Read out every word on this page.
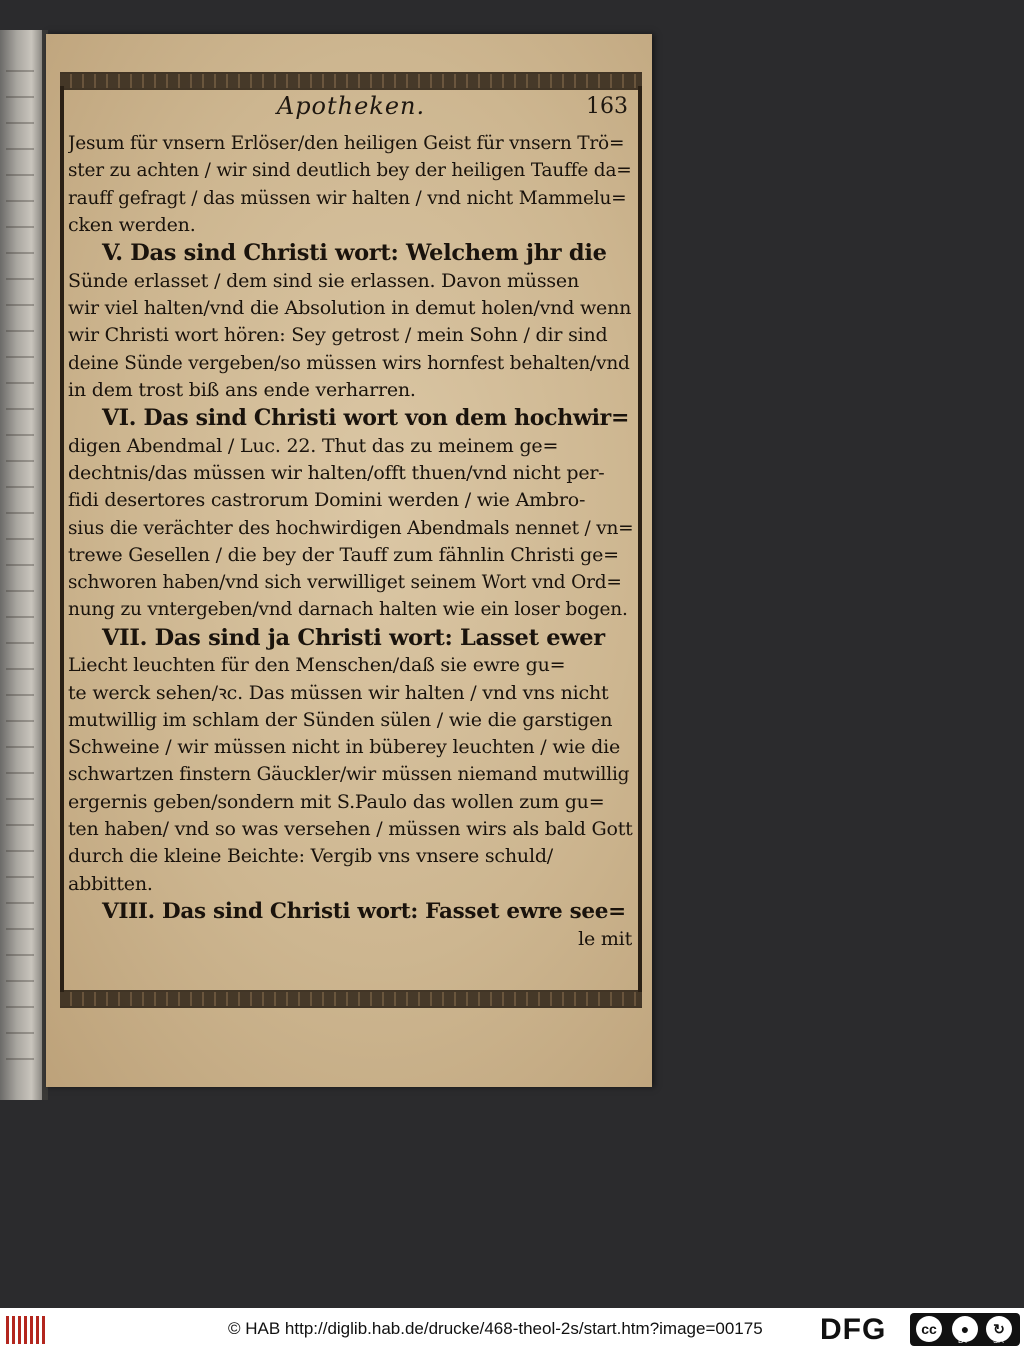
Apotheken.	163
Jesum für vnsern Erlöser/den heiligen Geist für vnsern Trö=
ster zu achten / wir sind deutlich bey der heiligen Tauffe da=
rauff gefragt / das müssen wir halten / vnd nicht Mammelu=
cken werden.
V. Das sind Christi wort: Welchem jhr die
Sünde erlasset / dem sind sie erlassen. Davon müssen
wir viel halten/vnd die Absolution in demut holen/vnd wenn
wir Christi wort hören: Sey getrost / mein Sohn / dir sind
deine Sünde vergeben/so müssen wirs hornfest behalten/vnd
in dem trost biß ans ende verharren.
VI. Das sind Christi wort von dem hochwir=
digen Abendmal / Luc. 22. Thut das zu meinem ge=
dechtnis/das müssen wir halten/offt thuen/vnd nicht per-
fidi desertores castrorum Domini werden / wie Ambro-
sius die verächter des hochwirdigen Abendmals nennet / vn=
trewe Gesellen / die bey der Tauff zum fähnlin Christi ge=
schworen haben/vnd sich verwilliget seinem Wort vnd Ord=
nung zu vntergeben/vnd darnach halten wie ein loser bogen.
VII. Das sind ja Christi wort: Lasset ewer
Liecht leuchten für den Menschen/daß sie ewre gu=
te werck sehen/ꝛc. Das müssen wir halten / vnd vns nicht
mutwillig im schlam der Sünden sülen / wie die garstigen
Schweine / wir müssen nicht in büberey leuchten / wie die
schwartzen finstern Gäuckler/wir müssen niemand mutwillig
ergernis geben/sondern mit S.Paulo das wollen zum gu=
ten haben/ vnd so was versehen / müssen wirs als bald Gott
durch die kleine Beichte: Vergib vns vnsere schuld/
abbitten.
VIII. Das sind Christi wort: Fasset ewre see=
le mit
© HAB http://diglib.hab.de/drucke/468-theol-2s/start.htm?image=00175 DFG	cc	●
BY
↻
SA
